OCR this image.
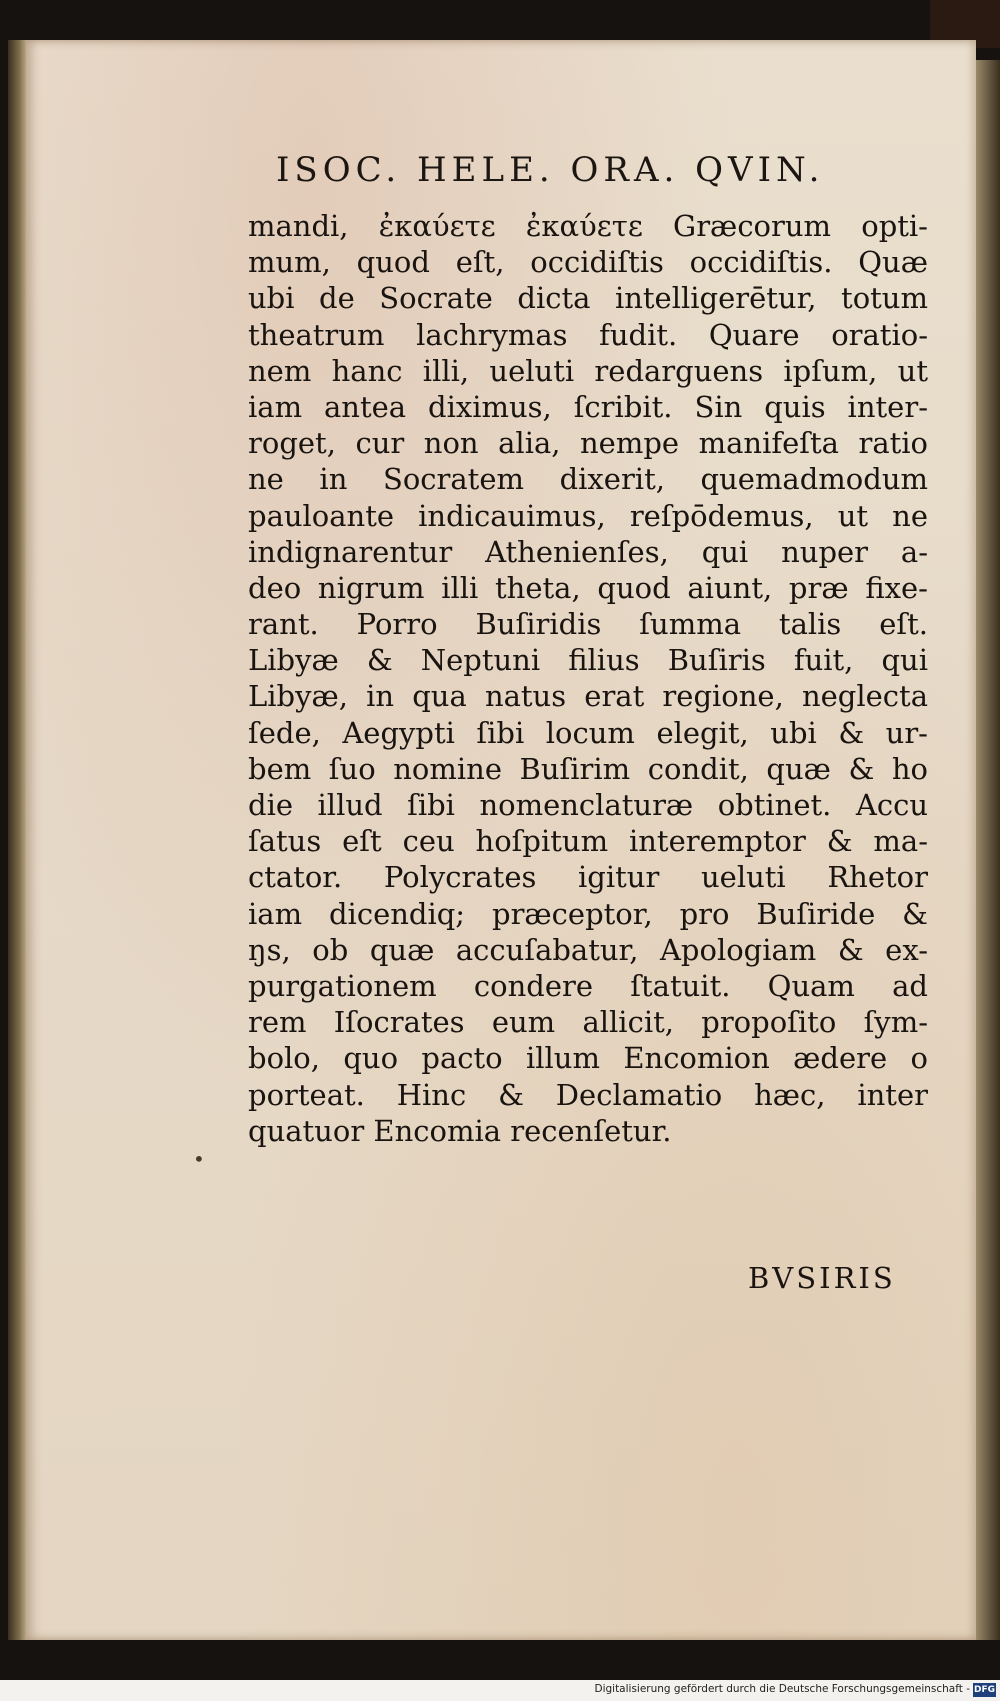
ISOC. HELE. ORA. QVIN.
mandi, ἐκαύετε ἐκαύετε Græcorum opti-
mum, quod eſt, occidiſtis occidiſtis. Quæ
ubi de Socrate dicta intelligerētur, totum
theatrum lachrymas fudit. Quare oratio-
nem hanc illi, ueluti redarguens ipſum, ut
iam antea diximus, ſcribit. Sin quis inter-
roget, cur non alia, nempe manifeſta ratio
ne in Socratem dixerit, quemadmodum
pauloante indicauimus, reſpōdemus, ut ne
indignarentur Athenienſes, qui nuper a-
deo nigrum illi theta, quod aiunt, præ fixe-
rant. Porro Buſiridis ſumma talis eſt.
Libyæ & Neptuni filius Buſiris fuit, qui
Libyæ, in qua natus erat regione, neglecta
ſede, Aegypti ſibi locum elegit, ubi & ur-
bem ſuo nomine Buſirim condit, quæ & ho
die illud ſibi nomenclaturæ obtinet. Accu
ſatus eſt ceu hoſpitum interemptor & ma-
ctator. Polycrates igitur ueluti Rhetor
iam dicendiq; præceptor, pro Buſiride &
ŋs, ob quæ accuſabatur, Apologiam & ex-
purgationem condere ſtatuit. Quam ad
rem Iſocrates eum allicit, propoſito ſym-
bolo, quo pacto illum Encomion ædere o
porteat. Hinc & Declamatio hæc, inter
quatuor Encomia recenſetur.
•
BVSIRIS
Digitalisierung gefördert durch die Deutsche Forschungsgemeinschaft - DFG
